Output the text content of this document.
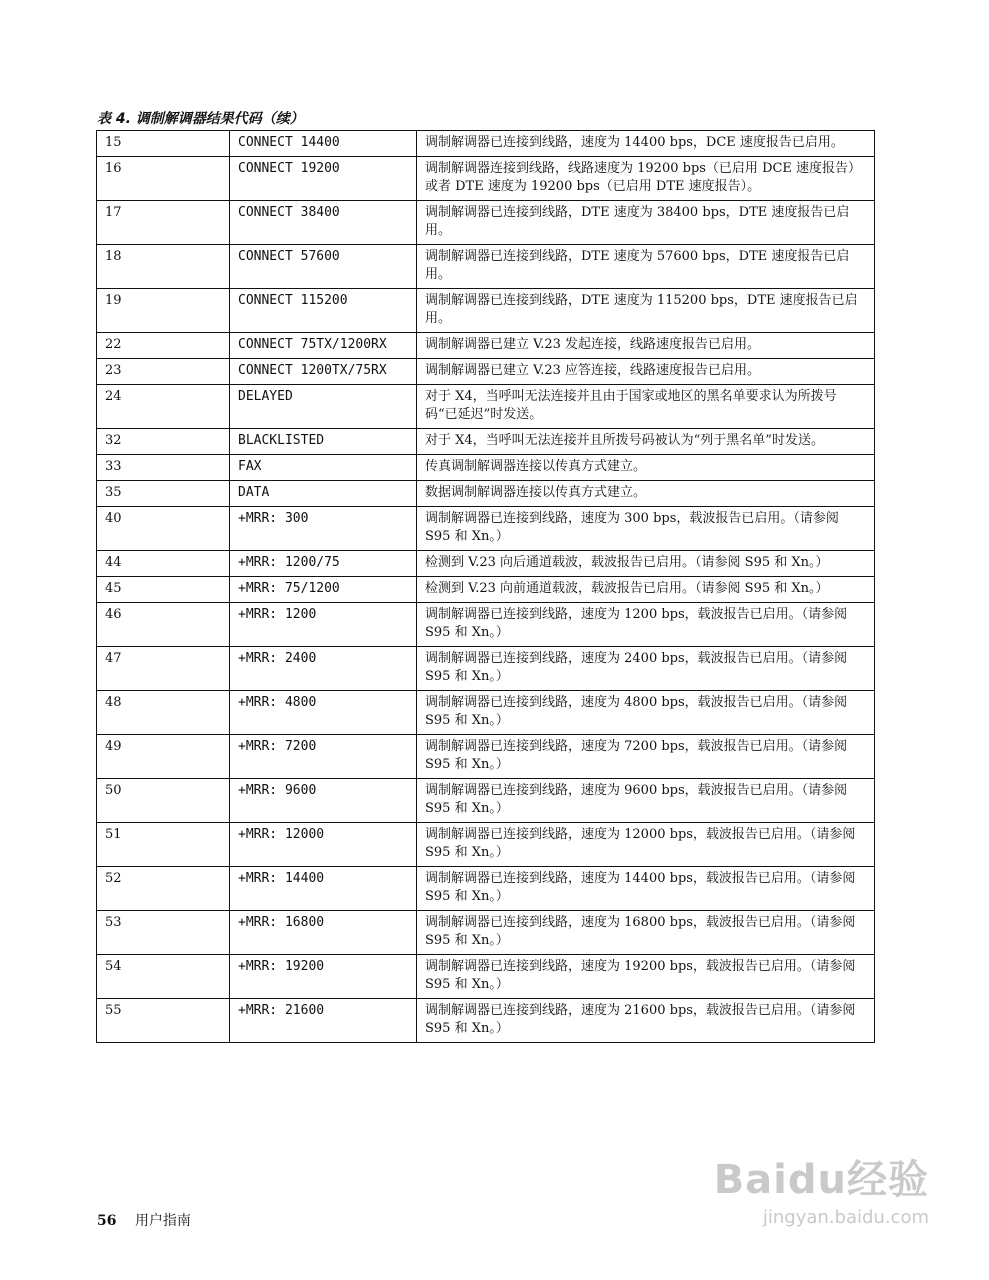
表 4. 调制解调器结果代码（续）
15	CONNECT 14400	调制解调器已连接到线路，速度为 14400 bps，DCE 速度报告已启用。
16	CONNECT 19200	调制解调器连接到线路，线路速度为 19200 bps（已启用 DCE 速度报告）或者 DTE 速度为 19200 bps（已启用 DTE 速度报告）。
17	CONNECT 38400	调制解调器已连接到线路，DTE 速度为 38400 bps，DTE 速度报告已启用。
18	CONNECT 57600	调制解调器已连接到线路，DTE 速度为 57600 bps，DTE 速度报告已启用。
19	CONNECT 115200	调制解调器已连接到线路，DTE 速度为 115200 bps，DTE 速度报告已启用。
22	CONNECT 75TX/1200RX	调制解调器已建立 V.23 发起连接，线路速度报告已启用。
23	CONNECT 1200TX/75RX	调制解调器已建立 V.23 应答连接，线路速度报告已启用。
24	DELAYED	对于 X4，当呼叫无法连接并且由于国家或地区的黑名单要求认为所拨号码“已延迟”时发送。
32	BLACKLISTED	对于 X4，当呼叫无法连接并且所拨号码被认为“列于黑名单”时发送。
33	FAX	传真调制解调器连接以传真方式建立。
35	DATA	数据调制解调器连接以传真方式建立。
40	+MRR: 300	调制解调器已连接到线路，速度为 300 bps，载波报告已启用。（请参阅 S95 和 Xn。）
44	+MRR: 1200/75	检测到 V.23 向后通道载波，载波报告已启用。（请参阅 S95 和 Xn。）
45	+MRR: 75/1200	检测到 V.23 向前通道载波，载波报告已启用。（请参阅 S95 和 Xn。）
46	+MRR: 1200	调制解调器已连接到线路，速度为 1200 bps，载波报告已启用。（请参阅 S95 和 Xn。）
47	+MRR: 2400	调制解调器已连接到线路，速度为 2400 bps，载波报告已启用。（请参阅 S95 和 Xn。）
48	+MRR: 4800	调制解调器已连接到线路，速度为 4800 bps，载波报告已启用。（请参阅 S95 和 Xn。）
49	+MRR: 7200	调制解调器已连接到线路，速度为 7200 bps，载波报告已启用。（请参阅 S95 和 Xn。）
50	+MRR: 9600	调制解调器已连接到线路，速度为 9600 bps，载波报告已启用。（请参阅 S95 和 Xn。）
51	+MRR: 12000	调制解调器已连接到线路，速度为 12000 bps，载波报告已启用。（请参阅 S95 和 Xn。）
52	+MRR: 14400	调制解调器已连接到线路，速度为 14400 bps，载波报告已启用。（请参阅 S95 和 Xn。）
53	+MRR: 16800	调制解调器已连接到线路，速度为 16800 bps，载波报告已启用。（请参阅 S95 和 Xn。）
54	+MRR: 19200	调制解调器已连接到线路，速度为 19200 bps，载波报告已启用。（请参阅 S95 和 Xn。）
55	+MRR: 21600	调制解调器已连接到线路，速度为 21600 bps，载波报告已启用。（请参阅 S95 和 Xn。）
56 用户指南
Baidu经验
jingyan.baidu.com
